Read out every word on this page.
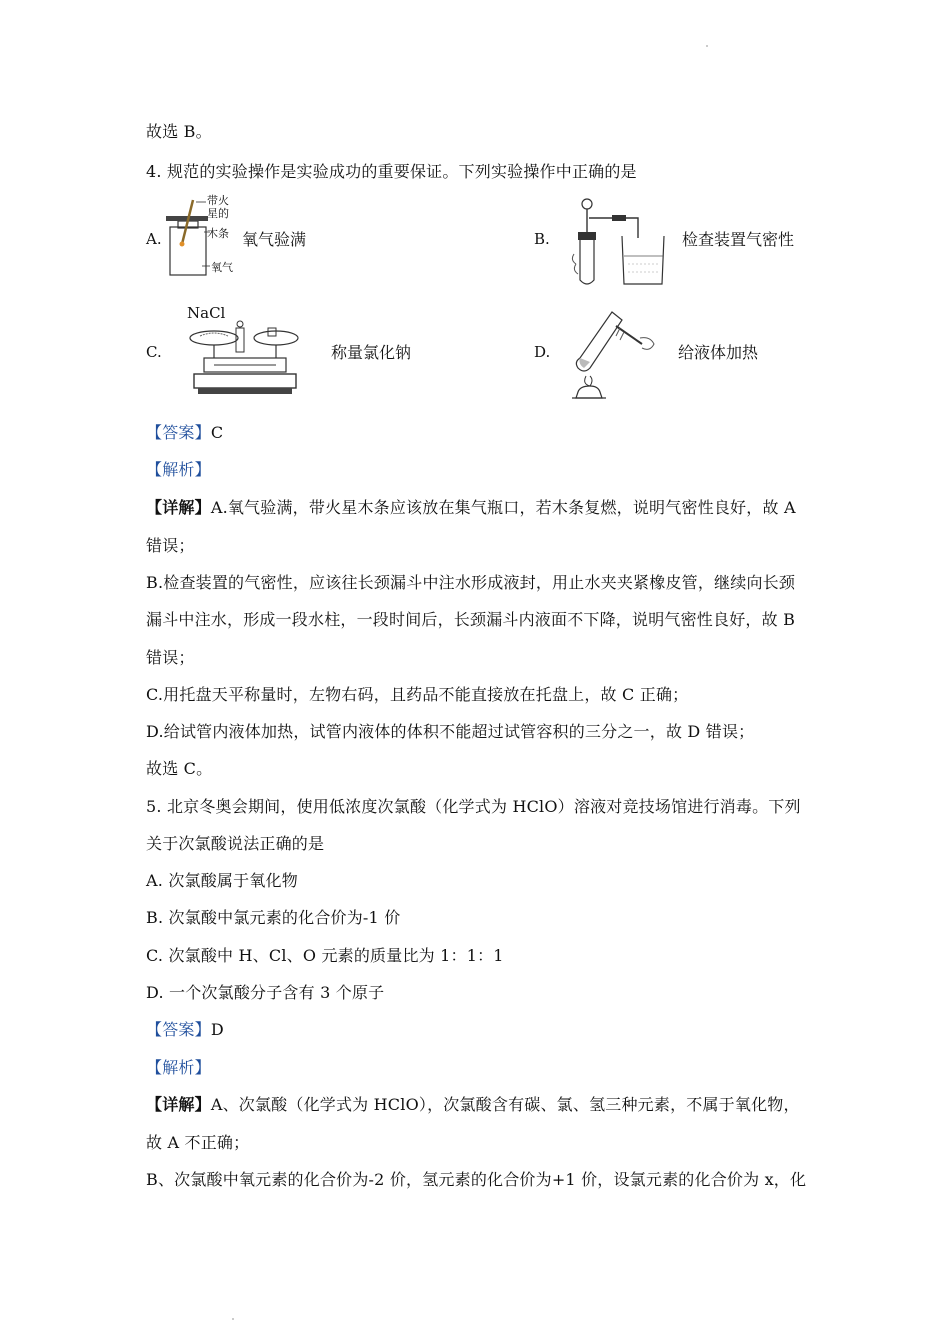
故选 B。
4. 规范的实验操作是实验成功的重要保证。下列实验操作中正确的是
A.
带火
星的
木条
氧气
氧气验满	B.	检查装置气密性
C.
NaCl
称量氯化钠	D.	给液体加热
【答案】C
【解析】
【详解】A.氧气验满，带火星木条应该放在集气瓶口，若木条复燃，说明气密性良好，故 A
错误；
B.检查装置的气密性，应该往长颈漏斗中注水形成液封，用止水夹夹紧橡皮管，继续向长颈
漏斗中注水，形成一段水柱，一段时间后，长颈漏斗内液面不下降，说明气密性良好，故 B
错误；
C.用托盘天平称量时，左物右码，且药品不能直接放在托盘上，故 C 正确；
D.给试管内液体加热，试管内液体的体积不能超过试管容积的三分之一，故 D 错误；
故选 C。
5. 北京冬奥会期间，使用低浓度次氯酸（化学式为 HClO）溶液对竞技场馆进行消毒。下列
关于次氯酸说法正确的是
A. 次氯酸属于氧化物
B. 次氯酸中氯元素的化合价为-1 价
C. 次氯酸中 H、Cl、O 元素的质量比为 1：1：1
D. 一个次氯酸分子含有 3 个原子
【答案】D
【解析】
【详解】A、次氯酸（化学式为 HClO），次氯酸含有碳、氯、氢三种元素，不属于氧化物，
故 A 不正确；
B、次氯酸中氧元素的化合价为-2 价，氢元素的化合价为+1 价，设氯元素的化合价为 x，化
